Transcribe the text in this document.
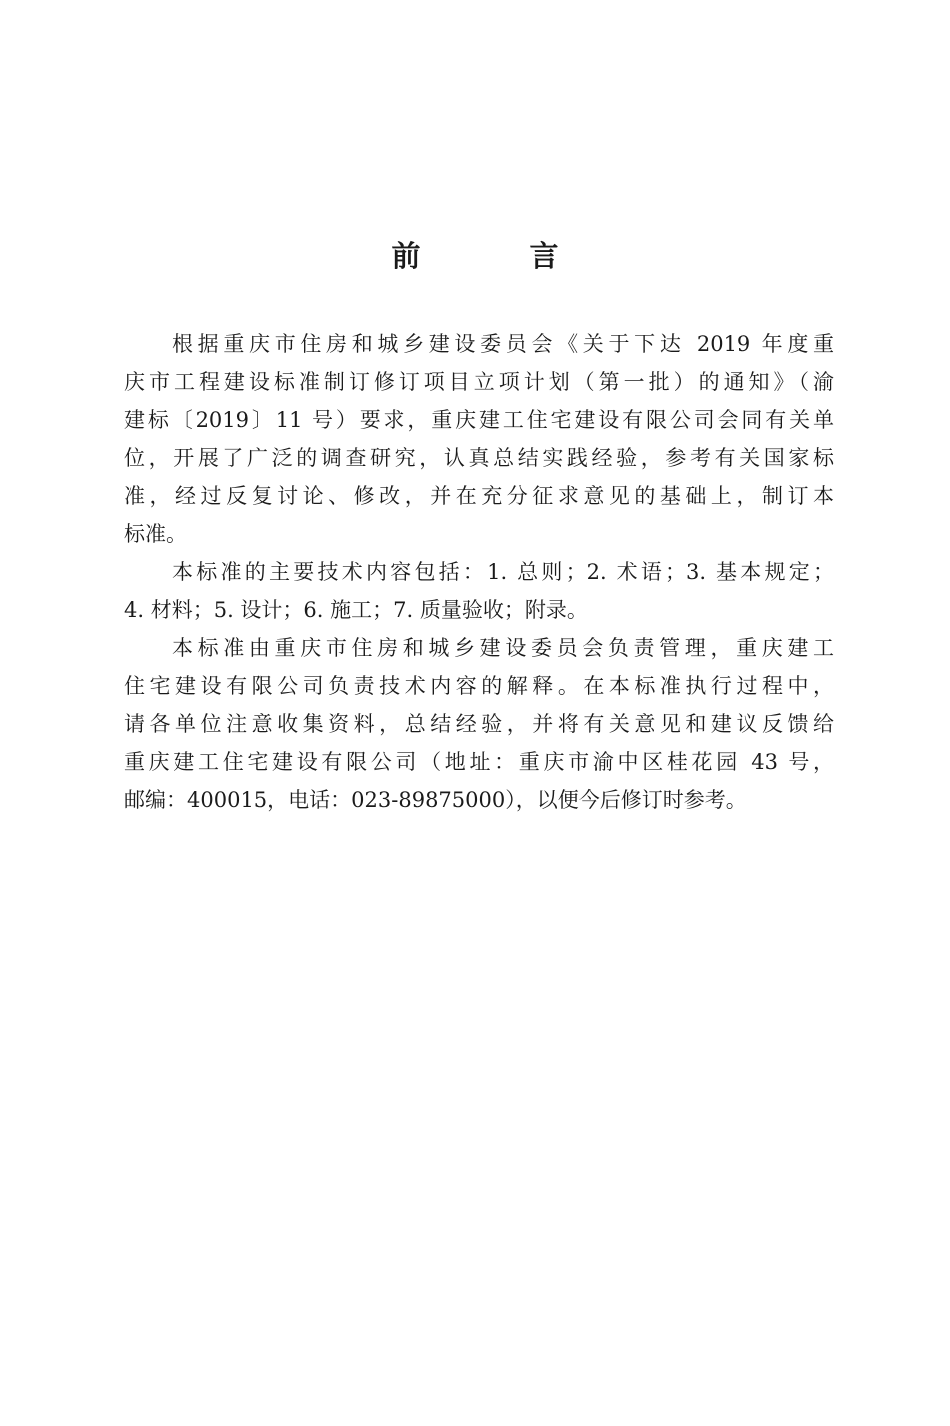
前　言
根据重庆市住房和城乡建设委员会《关于下达 2019 年度重
庆市工程建设标准制订修订项目立项计划（第一批）的通知》（渝
建标〔2019〕11 号）要求，重庆建工住宅建设有限公司会同有关单
位，开展了广泛的调查研究，认真总结实践经验，参考有关国家标
准，经过反复讨论、修改，并在充分征求意见的基础上，制订本
标准。
本标准的主要技术内容包括：1. 总则；2. 术语；3. 基本规定；
4. 材料；5. 设计；6. 施工；7. 质量验收；附录。
本标准由重庆市住房和城乡建设委员会负责管理，重庆建工
住宅建设有限公司负责技术内容的解释。在本标准执行过程中，
请各单位注意收集资料，总结经验，并将有关意见和建议反馈给
重庆建工住宅建设有限公司（地址：重庆市渝中区桂花园 43 号，
邮编：400015，电话：023-89875000），以便今后修订时参考。
